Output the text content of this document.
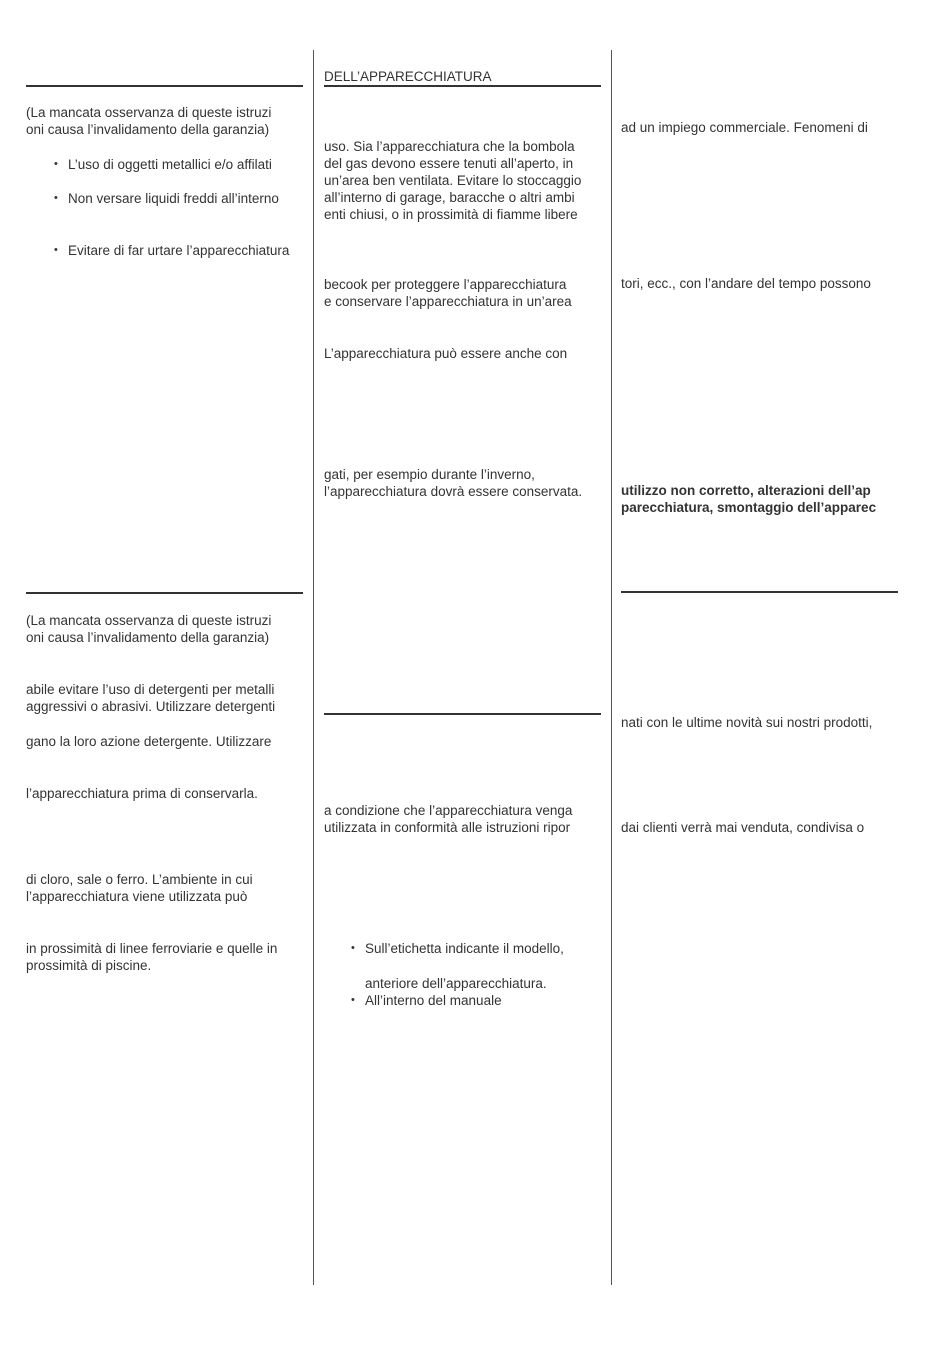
(La mancata osservanza di queste istruzi
oni causa l’invalidamento della garanzia)
• L’uso di oggetti metallici e/o affilati
• Non versare liquidi freddi all’interno
• Evitare di far urtare l’apparecchiatura
(La mancata osservanza di queste istruzi
oni causa l’invalidamento della garanzia)
abile evitare l’uso di detergenti per metalli
aggressivi o abrasivi. Utilizzare detergenti
gano la loro azione detergente. Utilizzare
l’apparecchiatura prima di conservarla.
di cloro, sale o ferro. L’ambiente in cui
l’apparecchiatura viene utilizzata può
in prossimità di linee ferroviarie e quelle in
prossimità di piscine.
DELL’APPARECCHIATURA
uso. Sia l’apparecchiatura che la bombola
del gas devono essere tenuti all’aperto, in
un’area ben ventilata. Evitare lo stoccaggio
all’interno di garage, baracche o altri ambi
enti chiusi, o in prossimità di fiamme libere
becook per proteggere l’apparecchiatura
e conservare l’apparecchiatura in un’area
L’apparecchiatura può essere anche con
gati, per esempio durante l’inverno,
l’apparecchiatura dovrà essere conservata.
a condizione che l’apparecchiatura venga
utilizzata in conformità alle istruzioni ripor
• Sull’etichetta indicante il modello,
anteriore dell’apparecchiatura.
• All’interno del manuale
ad un impiego commerciale. Fenomeni di
tori, ecc., con l’andare del tempo possono
utilizzo non corretto, alterazioni dell’ap
parecchiatura, smontaggio dell’apparec
nati con le ultime novità sui nostri prodotti,
dai clienti verrà mai venduta, condivisa o
